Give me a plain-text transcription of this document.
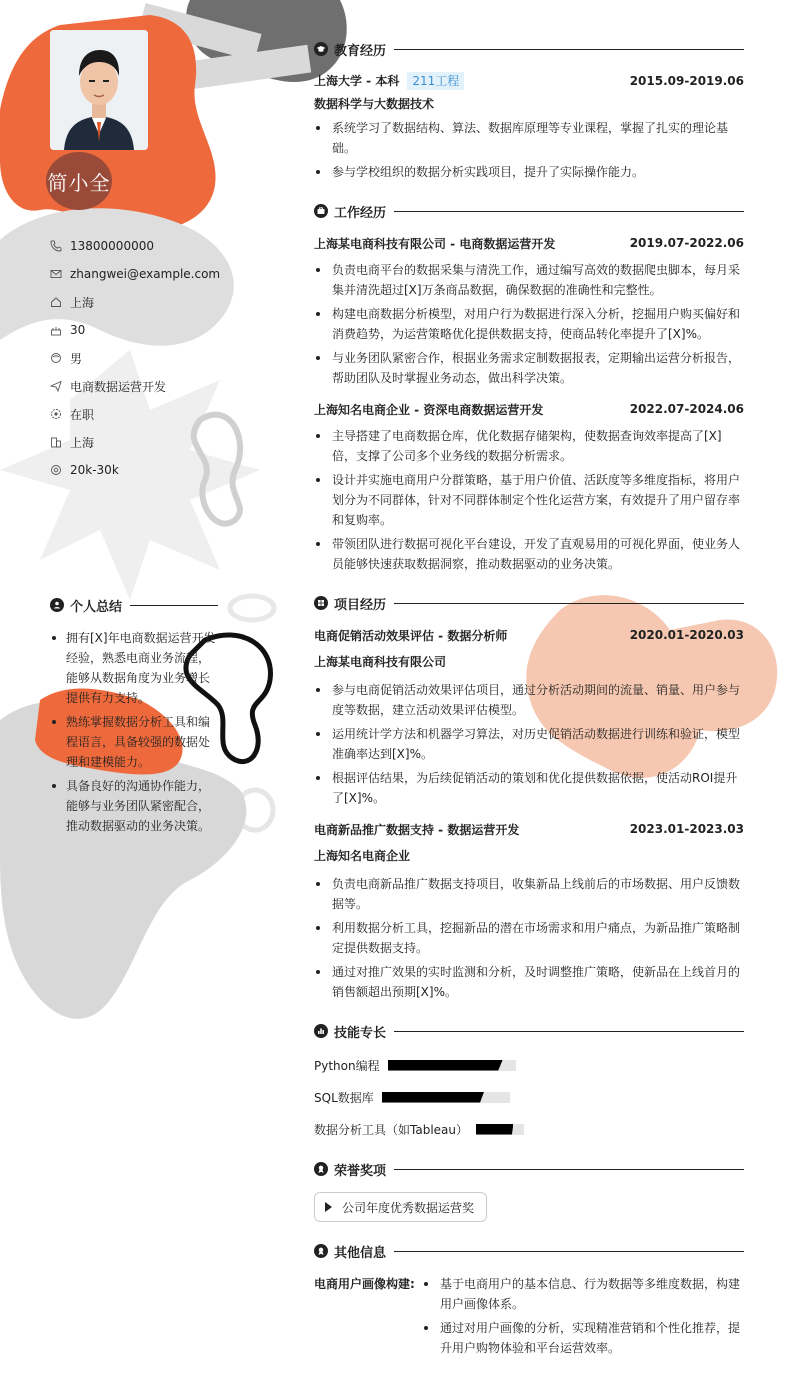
简小全
13800000000
zhangwei@example.com
上海
30
男
电商数据运营开发
在职
上海
20k-30k
个人总结
拥有[X]年电商数据运营开发经验，熟悉电商业务流程，能够从数据角度为业务增长提供有力支持。
熟练掌握数据分析工具和编程语言，具备较强的数据处理和建模能力。
具备良好的沟通协作能力，能够与业务团队紧密配合，推动数据驱动的业务决策。
教育经历
上海大学 - 本科 211工程	2015.09-2019.06
数据科学与大数据技术
系统学习了数据结构、算法、数据库原理等专业课程，掌握了扎实的理论基础。
参与学校组织的数据分析实践项目，提升了实际操作能力。
工作经历
上海某电商科技有限公司 - 电商数据运营开发	2019.07-2022.06
负责电商平台的数据采集与清洗工作，通过编写高效的数据爬虫脚本，每月采集并清洗超过[X]万条商品数据，确保数据的准确性和完整性。
构建电商数据分析模型，对用户行为数据进行深入分析，挖掘用户购买偏好和消费趋势，为运营策略优化提供数据支持，使商品转化率提升了[X]%。
与业务团队紧密合作，根据业务需求定制数据报表，定期输出运营分析报告，帮助团队及时掌握业务动态，做出科学决策。
上海知名电商企业 - 资深电商数据运营开发	2022.07-2024.06
主导搭建了电商数据仓库，优化数据存储架构，使数据查询效率提高了[X]倍，支撑了公司多个业务线的数据分析需求。
设计并实施电商用户分群策略，基于用户价值、活跃度等多维度指标，将用户划分为不同群体，针对不同群体制定个性化运营方案，有效提升了用户留存率和复购率。
带领团队进行数据可视化平台建设，开发了直观易用的可视化界面，使业务人员能够快速获取数据洞察，推动数据驱动的业务决策。
项目经历
电商促销活动效果评估 - 数据分析师	2020.01-2020.03
上海某电商科技有限公司
参与电商促销活动效果评估项目，通过分析活动期间的流量、销量、用户参与度等数据，建立活动效果评估模型。
运用统计学方法和机器学习算法，对历史促销活动数据进行训练和验证，模型准确率达到[X]%。
根据评估结果，为后续促销活动的策划和优化提供数据依据，使活动ROI提升了[X]%。
电商新品推广数据支持 - 数据运营开发	2023.01-2023.03
上海知名电商企业
负责电商新品推广数据支持项目，收集新品上线前后的市场数据、用户反馈数据等。
利用数据分析工具，挖掘新品的潜在市场需求和用户痛点，为新品推广策略制定提供数据支持。
通过对推广效果的实时监测和分析，及时调整推广策略，使新品在上线首月的销售额超出预期[X]%。
技能专长
Python编程
SQL数据库
数据分析工具（如Tableau）
荣誉奖项
公司年度优秀数据运营奖
其他信息
电商用户画像构建:	基于电商用户的基本信息、行为数据等多维度数据，构建用户画像体系。
通过对用户画像的分析，实现精准营销和个性化推荐，提升用户购物体验和平台运营效率。
